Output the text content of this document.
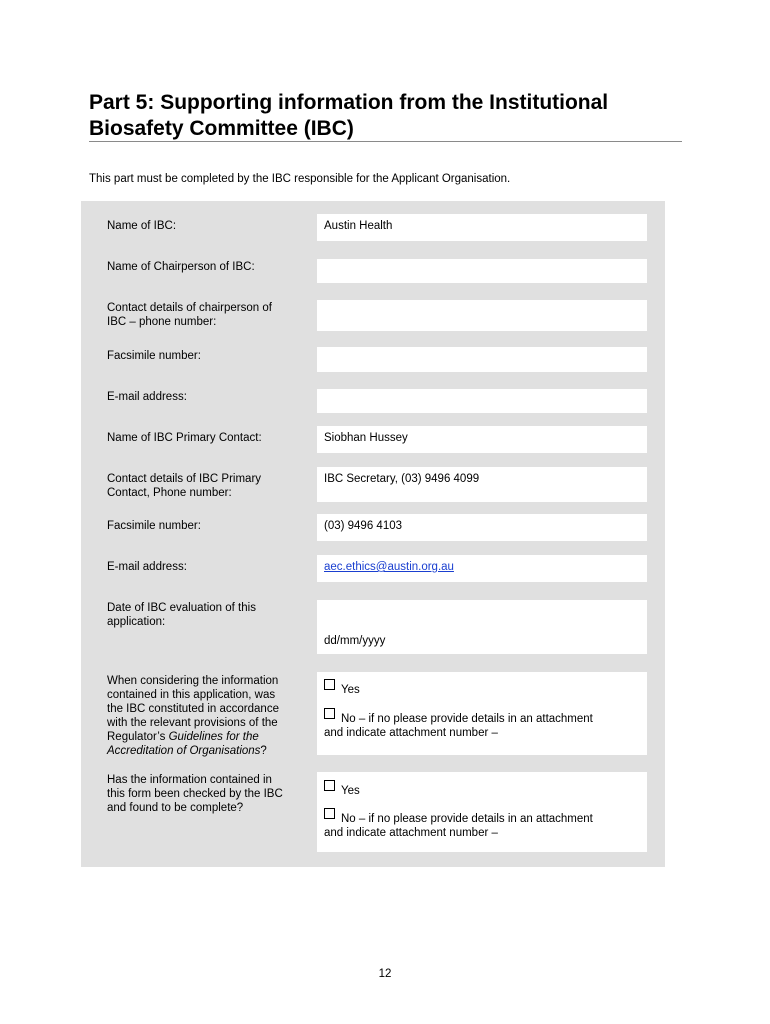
Part 5: Supporting information from the Institutional
Biosafety Committee (IBC)
This part must be completed by the IBC responsible for the Applicant Organisation.
Name of IBC:	Austin Health
Name of Chairperson of IBC:
Contact details of chairperson of
IBC – phone number:
Facsimile number:
E-mail address:
Name of IBC Primary Contact:	Siobhan Hussey
Contact details of IBC Primary
Contact, Phone number:
IBC Secretary, (03) 9496 4099
Facsimile number:	(03) 9496 4103
E-mail address:	aec.ethics@austin.org.au
Date of IBC evaluation of this
application:
dd/mm/yyyy
When considering the information
contained in this application, was
the IBC constituted in accordance
with the relevant provisions of the
Regulator’s Guidelines for the
Accreditation of Organisations?
Yes
No – if no please provide details in an attachment
and indicate attachment number –
Has the information contained in
this form been checked by the IBC
and found to be complete?
Yes
No – if no please provide details in an attachment
and indicate attachment number –
12
